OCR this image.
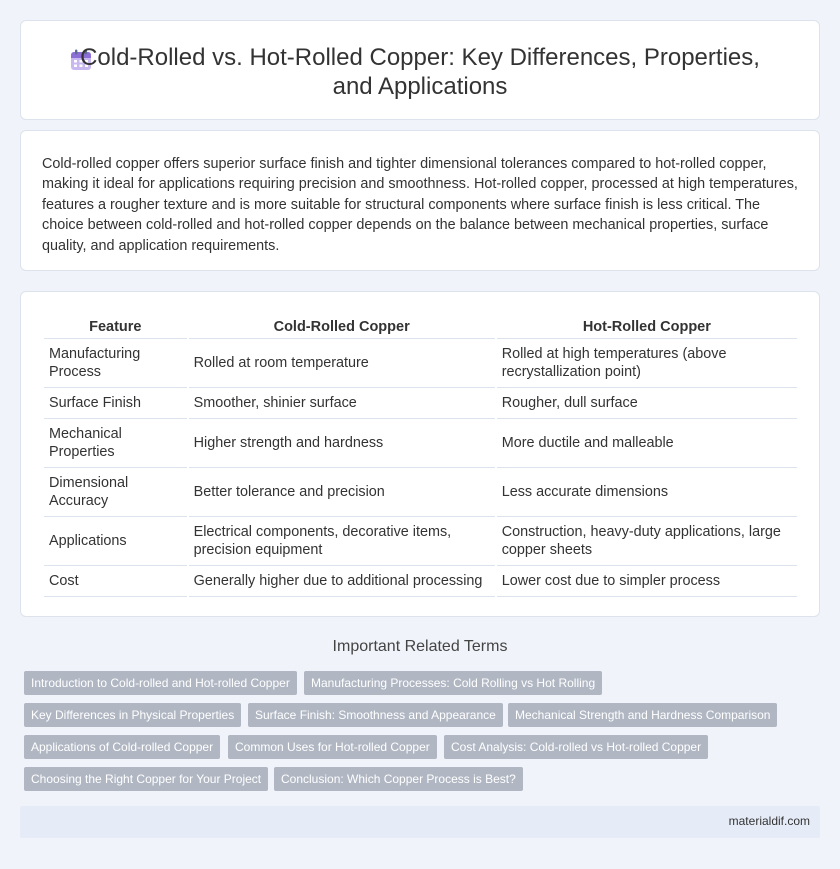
Cold-Rolled vs. Hot-Rolled Copper: Key Differences, Properties, and Applications

Cold-rolled copper offers superior surface finish and tighter dimensional tolerances compared to hot-rolled copper, making it ideal for applications requiring precision and smoothness. Hot-rolled copper, processed at high temperatures, features a rougher texture and is more suitable for structural components where surface finish is less critical. The choice between cold-rolled and hot-rolled copper depends on the balance between mechanical properties, surface quality, and application requirements.

Feature	Cold-Rolled Copper	Hot-Rolled Copper
Manufacturing Process	Rolled at room temperature	Rolled at high temperatures (above recrystallization point)
Surface Finish	Smoother, shinier surface	Rougher, dull surface
Mechanical Properties	Higher strength and hardness	More ductile and malleable
Dimensional Accuracy	Better tolerance and precision	Less accurate dimensions
Applications	Electrical components, decorative items, precision equipment	Construction, heavy-duty applications, large copper sheets
Cost	Generally higher due to additional processing	Lower cost due to simpler process
Important Related Terms
Introduction to Cold-rolled and Hot-rolled Copper	Manufacturing Processes: Cold Rolling vs Hot Rolling
Key Differences in Physical Properties	Surface Finish: Smoothness and Appearance	Mechanical Strength and Hardness Comparison
Applications of Cold-rolled Copper	Common Uses for Hot-rolled Copper	Cost Analysis: Cold-rolled vs Hot-rolled Copper
Choosing the Right Copper for Your Project	Conclusion: Which Copper Process is Best?
materialdif.com
